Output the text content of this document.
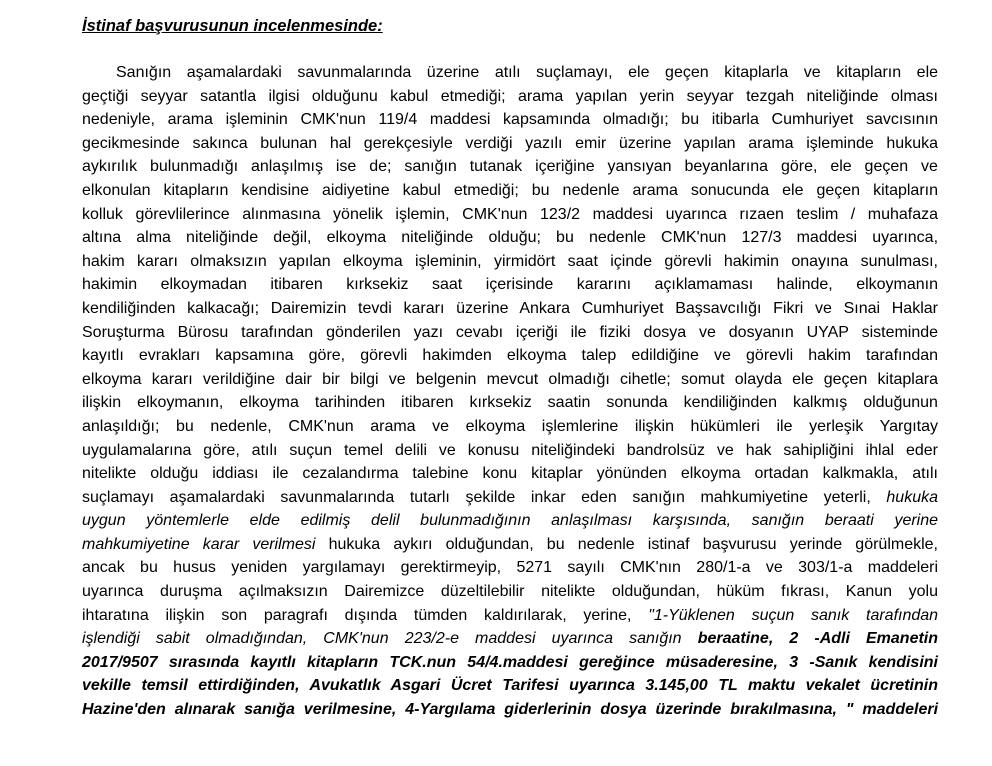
İstinaf başvurusunun incelenmesinde:
Sanığın aşamalardaki savunmalarında üzerine atılı suçlamayı, ele geçen kitaplarla ve kitapların ele
geçtiği seyyar satantla ilgisi olduğunu kabul etmediği; arama yapılan yerin seyyar tezgah niteliğinde olması
nedeniyle, arama işleminin CMK'nun 119/4 maddesi kapsamında olmadığı; bu itibarla Cumhuriyet savcısının
gecikmesinde sakınca bulunan hal gerekçesiyle verdiği yazılı emir üzerine yapılan arama işleminde hukuka
aykırılık bulunmadığı anlaşılmış ise de; sanığın tutanak içeriğine yansıyan beyanlarına göre, ele geçen ve
elkonulan kitapların kendisine aidiyetine kabul etmediği; bu nedenle arama sonucunda ele geçen kitapların
kolluk görevlilerince alınmasına yönelik işlemin, CMK'nun 123/2 maddesi uyarınca rızaen teslim / muhafaza
altına alma niteliğinde değil, elkoyma niteliğinde olduğu; bu nedenle CMK'nun 127/3 maddesi uyarınca,
hakim kararı olmaksızın yapılan elkoyma işleminin, yirmidört saat içinde görevli hakimin onayına sunulması,
hakimin elkoymadan itibaren kırksekiz saat içerisinde kararını açıklamaması halinde, elkoymanın
kendiliğinden kalkacağı; Dairemizin tevdi kararı üzerine Ankara Cumhuriyet Başsavcılığı Fikri ve Sınai Haklar
Soruşturma Bürosu tarafından gönderilen yazı cevabı içeriği ile fiziki dosya ve dosyanın UYAP sisteminde
kayıtlı evrakları kapsamına göre, görevli hakimden elkoyma talep edildiğine ve görevli hakim tarafından
elkoyma kararı verildiğine dair bir bilgi ve belgenin mevcut olmadığı cihetle; somut olayda ele geçen kitaplara
ilişkin elkoymanın, elkoyma tarihinden itibaren kırksekiz saatin sonunda kendiliğinden kalkmış olduğunun
anlaşıldığı; bu nedenle, CMK'nun arama ve elkoyma işlemlerine ilişkin hükümleri ile yerleşik Yargıtay
uygulamalarına göre, atılı suçun temel delili ve konusu niteliğindeki bandrolsüz ve hak sahipliğini ihlal eder
nitelikte olduğu iddiası ile cezalandırma talebine konu kitaplar yönünden elkoyma ortadan kalkmakla, atılı
suçlamayı aşamalardaki savunmalarında tutarlı şekilde inkar eden sanığın mahkumiyetine yeterli, hukuka
uygun yöntemlerle elde edilmiş delil bulunmadığının anlaşılması karşısında, sanığın beraati yerine
mahkumiyetine karar verilmesi hukuka aykırı olduğundan, bu nedenle istinaf başvurusu yerinde görülmekle,
ancak bu husus yeniden yargılamayı gerektirmeyip, 5271 sayılı CMK'nın 280/1-a ve 303/1-a maddeleri
uyarınca duruşma açılmaksızın Dairemizce düzeltilebilir nitelikte olduğundan, hüküm fıkrası, Kanun yolu
ihtaratına ilişkin son paragrafı dışında tümden kaldırılarak, yerine, "1-Yüklenen suçun sanık tarafından
işlendiği sabit olmadığından, CMK'nun 223/2-e maddesi uyarınca sanığın beraatine, 2 -Adli Emanetin
2017/9507 sırasında kayıtlı kitapların TCK.nun 54/4.maddesi gereğince müsaderesine, 3 -Sanık kendisini
vekille temsil ettirdiğinden, Avukatlık Asgari Ücret Tarifesi uyarınca 3.145,00 TL maktu vekalet ücretinin
Hazine'den alınarak sanığa verilmesine, 4-Yargılama giderlerinin dosya üzerinde bırakılmasına, " maddeleri
